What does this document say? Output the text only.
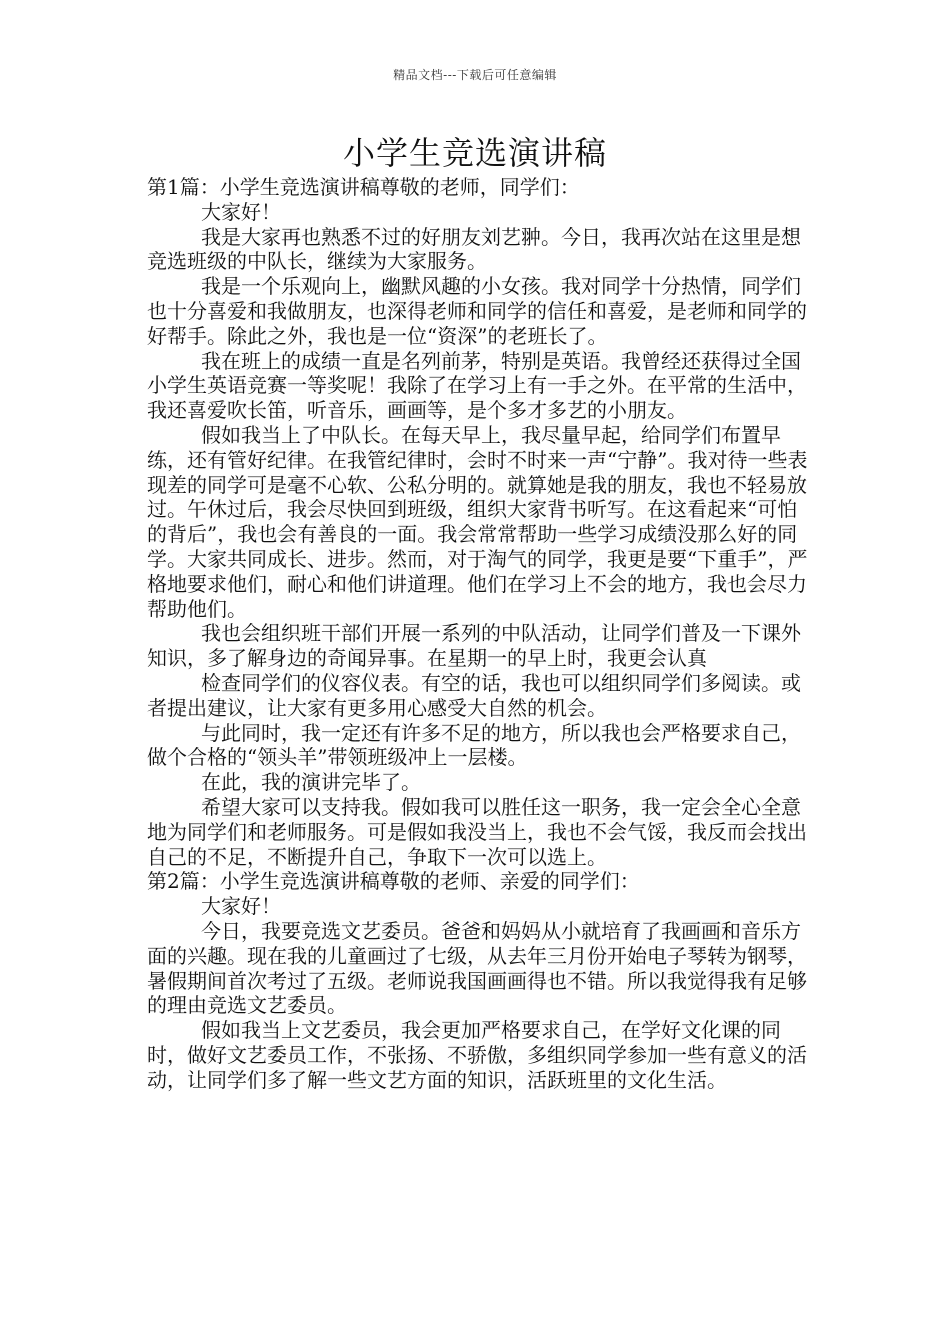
精品文档---下载后可任意编辑
小学生竞选演讲稿

第1篇：小学生竞选演讲稿尊敬的老师，同学们：

大家好！

我是大家再也熟悉不过的好朋友刘艺翀。今日，我再次站在这里是想竞选班级的中队长，继续为大家服务。

我是一个乐观向上，幽默风趣的小女孩。我对同学十分热情，同学们也十分喜爱和我做朋友，也深得老师和同学的信任和喜爱，是老师和同学的好帮手。除此之外，我也是一位“资深”的老班长了。

我在班上的成绩一直是名列前茅，特别是英语。我曾经还获得过全国小学生英语竞赛一等奖呢！我除了在学习上有一手之外。在平常的生活中，我还喜爱吹长笛，听音乐，画画等，是个多才多艺的小朋友。

假如我当上了中队长。在每天早上，我尽量早起，给同学们布置早练，还有管好纪律。在我管纪律时，会时不时来一声“宁静”。我对待一些表现差的同学可是毫不心软、公私分明的。就算她是我的朋友，我也不轻易放过。午休过后，我会尽快回到班级，组织大家背书听写。在这看起来“可怕的背后”，我也会有善良的一面。我会常常帮助一些学习成绩没那么好的同学。大家共同成长、进步。然而，对于淘气的同学，我更是要“下重手”，严格地要求他们，耐心和他们讲道理。他们在学习上不会的地方，我也会尽力帮助他们。

我也会组织班干部们开展一系列的中队活动，让同学们普及一下课外知识，多了解身边的奇闻异事。在星期一的早上时，我更会认真

检查同学们的仪容仪表。有空的话，我也可以组织同学们多阅读。或者提出建议，让大家有更多用心感受大自然的机会。

与此同时，我一定还有许多不足的地方，所以我也会严格要求自己，做个合格的“领头羊”带领班级冲上一层楼。

在此，我的演讲完毕了。

希望大家可以支持我。假如我可以胜任这一职务，我一定会全心全意地为同学们和老师服务。可是假如我没当上，我也不会气馁，我反而会找出自己的不足，不断提升自己，争取下一次可以选上。

第2篇：小学生竞选演讲稿尊敬的老师、亲爱的同学们：

大家好！

今日，我要竞选文艺委员。爸爸和妈妈从小就培育了我画画和音乐方面的兴趣。现在我的儿童画过了七级，从去年三月份开始电子琴转为钢琴，暑假期间首次考过了五级。老师说我国画画得也不错。所以我觉得我有足够的理由竞选文艺委员。

假如我当上文艺委员，我会更加严格要求自己，在学好文化课的同时，做好文艺委员工作，不张扬、不骄傲，多组织同学参加一些有意义的活动，让同学们多了解一些文艺方面的知识，活跃班里的文化生活。
